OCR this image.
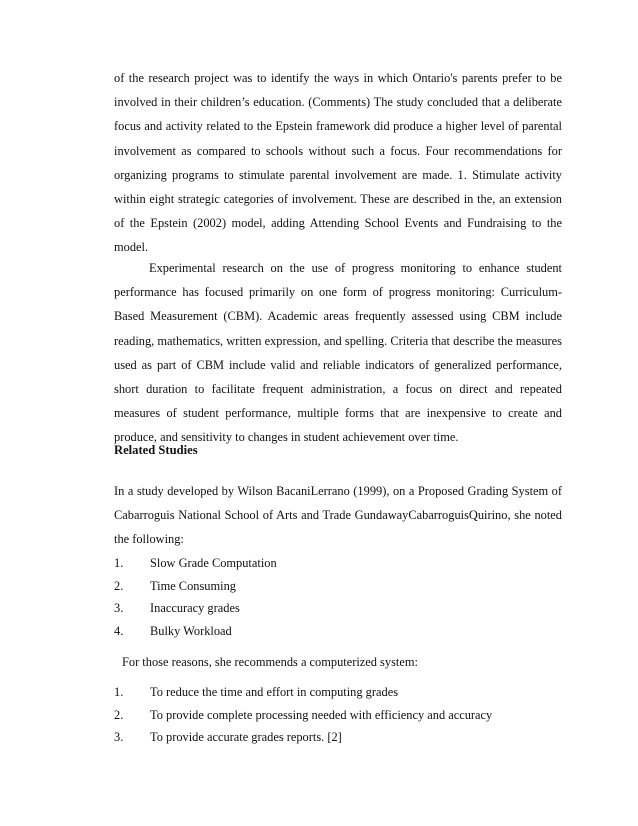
of the research project was to identify the ways in which Ontario's parents prefer to be involved in their children’s education. (Comments) The study concluded that a deliberate focus and activity related to the Epstein framework did produce a higher level of parental involvement as compared to schools without such a focus. Four recommendations for organizing programs to stimulate parental involvement are made. 1. Stimulate activity within eight strategic categories of involvement. These are described in the, an extension of the Epstein (2002) model, adding Attending School Events and Fundraising to the model.
Experimental research on the use of progress monitoring to enhance student performance has focused primarily on one form of progress monitoring: Curriculum-Based Measurement (CBM). Academic areas frequently assessed using CBM include reading, mathematics, written expression, and spelling. Criteria that describe the measures used as part of CBM include valid and reliable indicators of generalized performance, short duration to facilitate frequent administration, a focus on direct and repeated measures of student performance, multiple forms that are inexpensive to create and produce, and sensitivity to changes in student achievement over time.
Related Studies
In a study developed by Wilson BacaniLerrano (1999), on a Proposed Grading System of Cabarroguis National School of Arts and Trade GundawayCabarroguisQuirino, she noted the following:
1. Slow Grade Computation
2. Time Consuming
3. Inaccuracy grades
4. Bulky Workload
For those reasons, she recommends a computerized system:
1. To reduce the time and effort in computing grades
2. To provide complete processing needed with efficiency and accuracy
3. To provide accurate grades reports. [2]
